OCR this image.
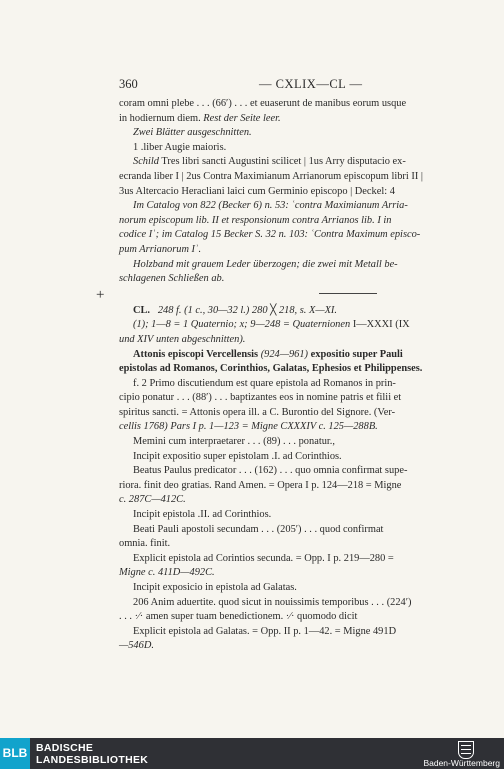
360	— CXLIX—CL —
+

coram omni plebe . . . (66ʹ) . . . et euaserunt de manibus eorum usque

in hodiernum diem. Rest der Seite leer.

Zwei Blätter ausgeschnitten.

1 .liber Augie maioris.

Schild Tres libri sancti Augustini scilicet | 1us Arry disputacio ex-

ecranda liber I | 2us Contra Maximianum Arrianorum episcopum libri II |

3us Altercacio Heracliani laici cum Germinio episcopo | Deckel: 4

Im Catalog von 822 (Becker 6) n. 53: ʿcontra Maximianum Arria-

norum episcopum lib. II et responsionum contra Arrianos lib. I in

codice Iʾ; im Catalog 15 Becker S. 32 n. 103: ʿContra Maximum episco-

pum Arrianorum Iʾ.

Holzband mit grauem Leder überzogen; die zwei mit Metall be-

schlagenen Schließen ab.

CL. 248 f. (1 c., 30—32 l.) 280 ╳ 218, s. X—XI.

(1); 1—8 = 1 Quaternio; x; 9—248 = Quaternionen I—XXXI (IX

und XIV unten abgeschnitten).

Attonis episcopi Vercellensis (924—961) expositio super Pauli

epistolas ad Romanos, Corinthios, Galatas, Ephesios et Philippenses.

f. 2 Primo discutiendum est quare epistola ad Romanos in prin-

cipio ponatur . . . (88ʹ) . . . baptizantes eos in nomine patris et filii et

spiritus sancti. = Attonis opera ill. a C. Burontio del Signore. (Ver-

cellis 1768) Pars I p. 1—123 = Migne CXXXIV c. 125—288B.

Memini cum interpraetarer . . . (89) . . . ponatur.,

Incipit expositio super epistolam .I. ad Corinthios.

Beatus Paulus predicator . . . (162) . . . quo omnia confirmat supe-

riora. finit deo gratias. Rand Amen. = Opera I p. 124—218 = Migne

c. 287C—412C.

Incipit epistola .II. ad Corinthios.

Beati Pauli apostoli secundam . . . (205ʹ) . . . quod confirmat

omnia. finit.

Explicit epistola ad Corintios secunda. = Opp. I p. 219—280 =

Migne c. 411D—492C.

Incipit exposicio in epistola ad Galatas.

206 Anim aduertite. quod sicut in nouissimis temporibus . . . (224ʹ)

. . . ·⁄· amen super tuam benedictionem. ·⁄· quomodo dicit

Explicit epistola ad Galatas. = Opp. II p. 1—42. = Migne 491D

—546D.

BLB BADISCHE
LANDESBIBLIOTHEK	Baden-Württemberg
